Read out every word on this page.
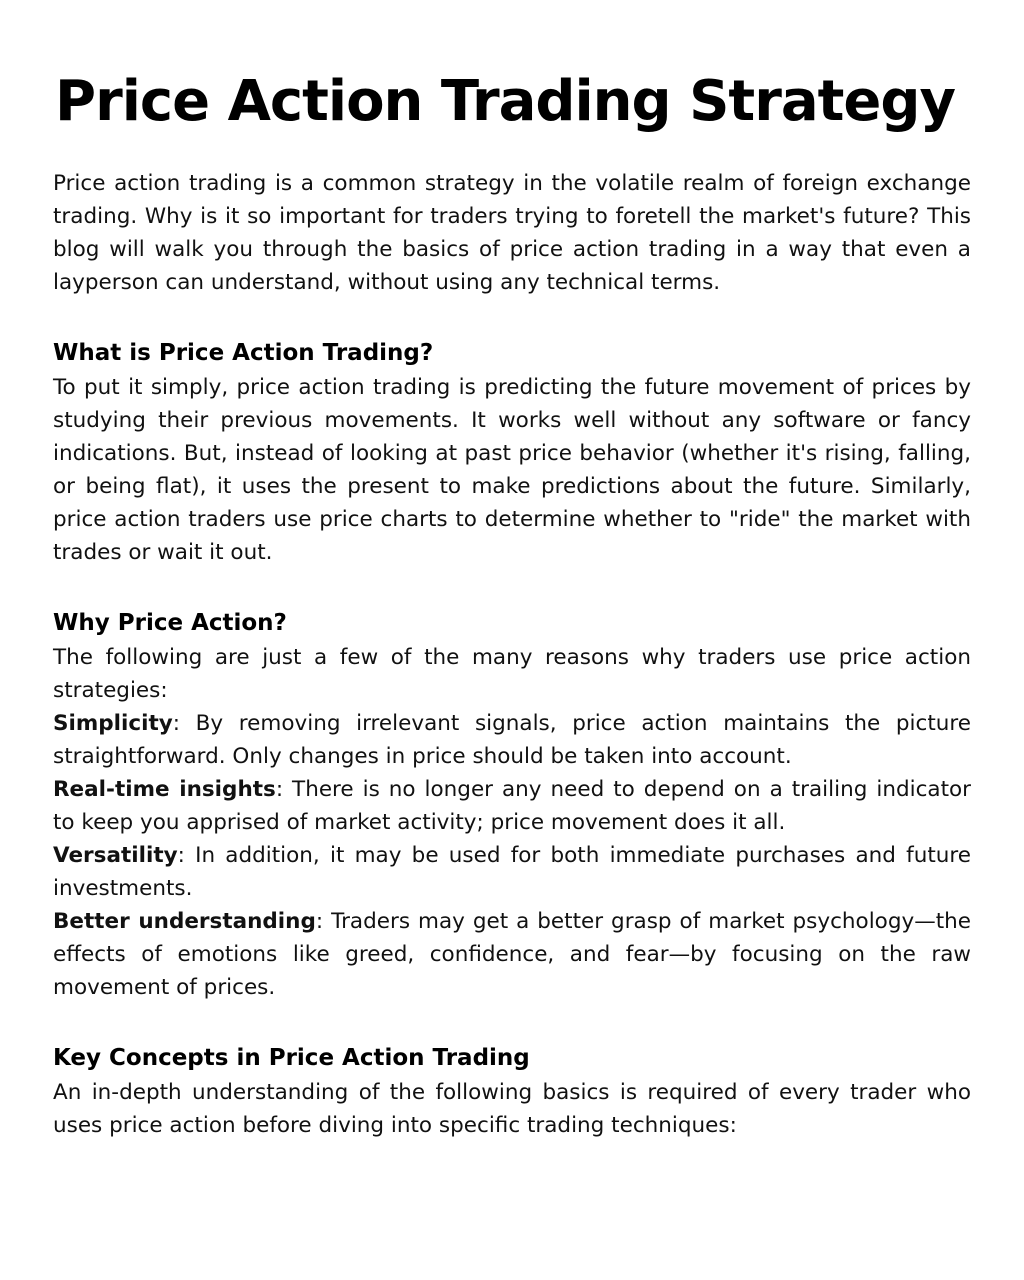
Price Action Trading Strategy

Price action trading is a common strategy in the volatile realm of foreign exchange trading. Why is it so important for traders trying to foretell the market's future? This blog will walk you through the basics of price action trading in a way that even a layperson can understand, without using any technical terms.

What is Price Action Trading?

To put it simply, price action trading is predicting the future movement of prices by studying their previous movements. It works well without any software or fancy indications. But, instead of looking at past price behavior (whether it's rising, falling, or being flat), it uses the present to make predictions about the future. Similarly, price action traders use price charts to determine whether to "ride" the market with trades or wait it out.

Why Price Action?

The following are just a few of the many reasons why traders use price action strategies:

Simplicity: By removing irrelevant signals, price action maintains the picture straightforward. Only changes in price should be taken into account.

Real-time insights: There is no longer any need to depend on a trailing indicator to keep you apprised of market activity; price movement does it all.

Versatility: In addition, it may be used for both immediate purchases and future investments.

Better understanding: Traders may get a better grasp of market psychology—the effects of emotions like greed, confidence, and fear—by focusing on the raw movement of prices.

Key Concepts in Price Action Trading

An in-depth understanding of the following basics is required of every trader who uses price action before diving into specific trading techniques:
